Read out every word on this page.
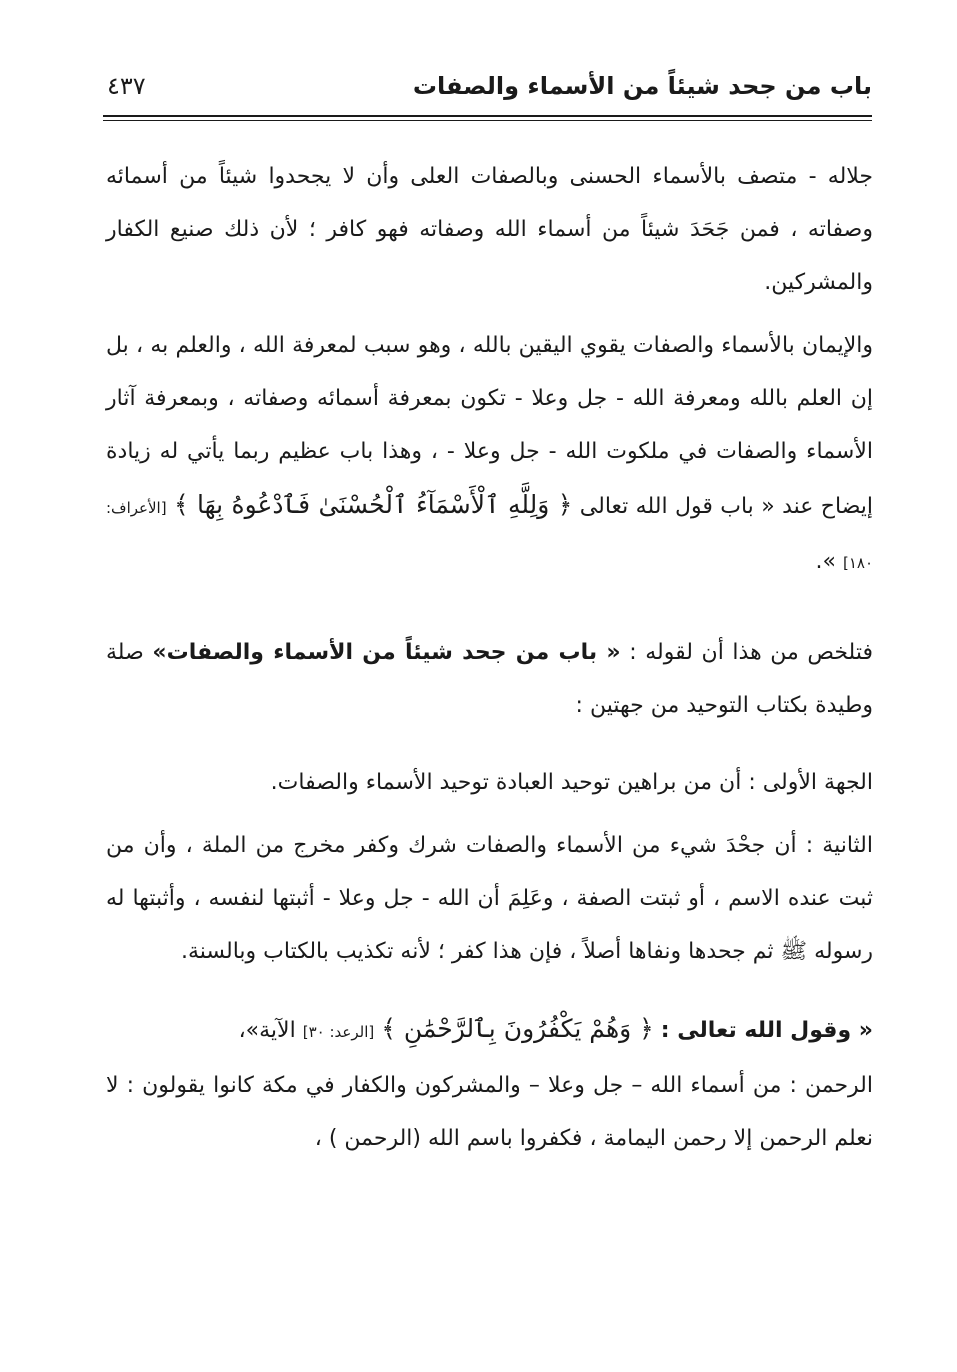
باب من جحد شيئاً من الأسماء والصفات
٤٣٧

جلاله - متصف بالأسماء الحسنى وبالصفات العلى وأن لا يجحدوا شيئاً من أسمائه وصفاته ، فمن جَحَدَ شيئاً من أسماء الله وصفاته فهو كافر ؛ لأن ذلك صنيع الكفار والمشركين.

والإيمان بالأسماء والصفات يقوي اليقين بالله ، وهو سبب لمعرفة الله ، والعلم به ، بل إن العلم بالله ومعرفة الله - جل وعلا - تكون بمعرفة أسمائه وصفاته ، وبمعرفة آثار الأسماء والصفات في ملكوت الله - جل وعلا - ، وهذا باب عظيم ربما يأتي له زيادة إيضاح عند « باب قول الله تعالى ﴿ وَلِلَّهِ ٱلْأَسْمَآءُ ٱلْحُسْنَىٰ فَٱدْعُوهُ بِهَا ﴾ [الأعراف: ١٨٠] ».

فتلخص من هذا أن لقوله : « باب من جحد شيئاً من الأسماء والصفات» صلة وطيدة بكتاب التوحيد من جهتين :

الجهة الأولى : أن من براهين توحيد العبادة توحيد الأسماء والصفات.

الثانية : أن جحْدَ شيء من الأسماء والصفات شرك وكفر مخرج من الملة ، وأن من ثبت عنده الاسم ، أو ثبتت الصفة ، وعَلِمَ أن الله - جل وعلا - أثبتها لنفسه ، وأثبتها له رسوله ﷺ ثم جحدها ونفاها أصلاً ، فإن هذا كفر ؛ لأنه تكذيب بالكتاب وبالسنة.

« وقول الله تعالى : ﴿ وَهُمْ يَكْفُرُونَ بِٱلرَّحْمَٰنِ ﴾ [الرعد: ٣٠] الآية»،

الرحمن : من أسماء الله – جل وعلا – والمشركون والكفار في مكة كانوا يقولون : لا نعلم الرحمن إلا رحمن اليمامة ، فكفروا باسم الله (الرحمن ) ،
